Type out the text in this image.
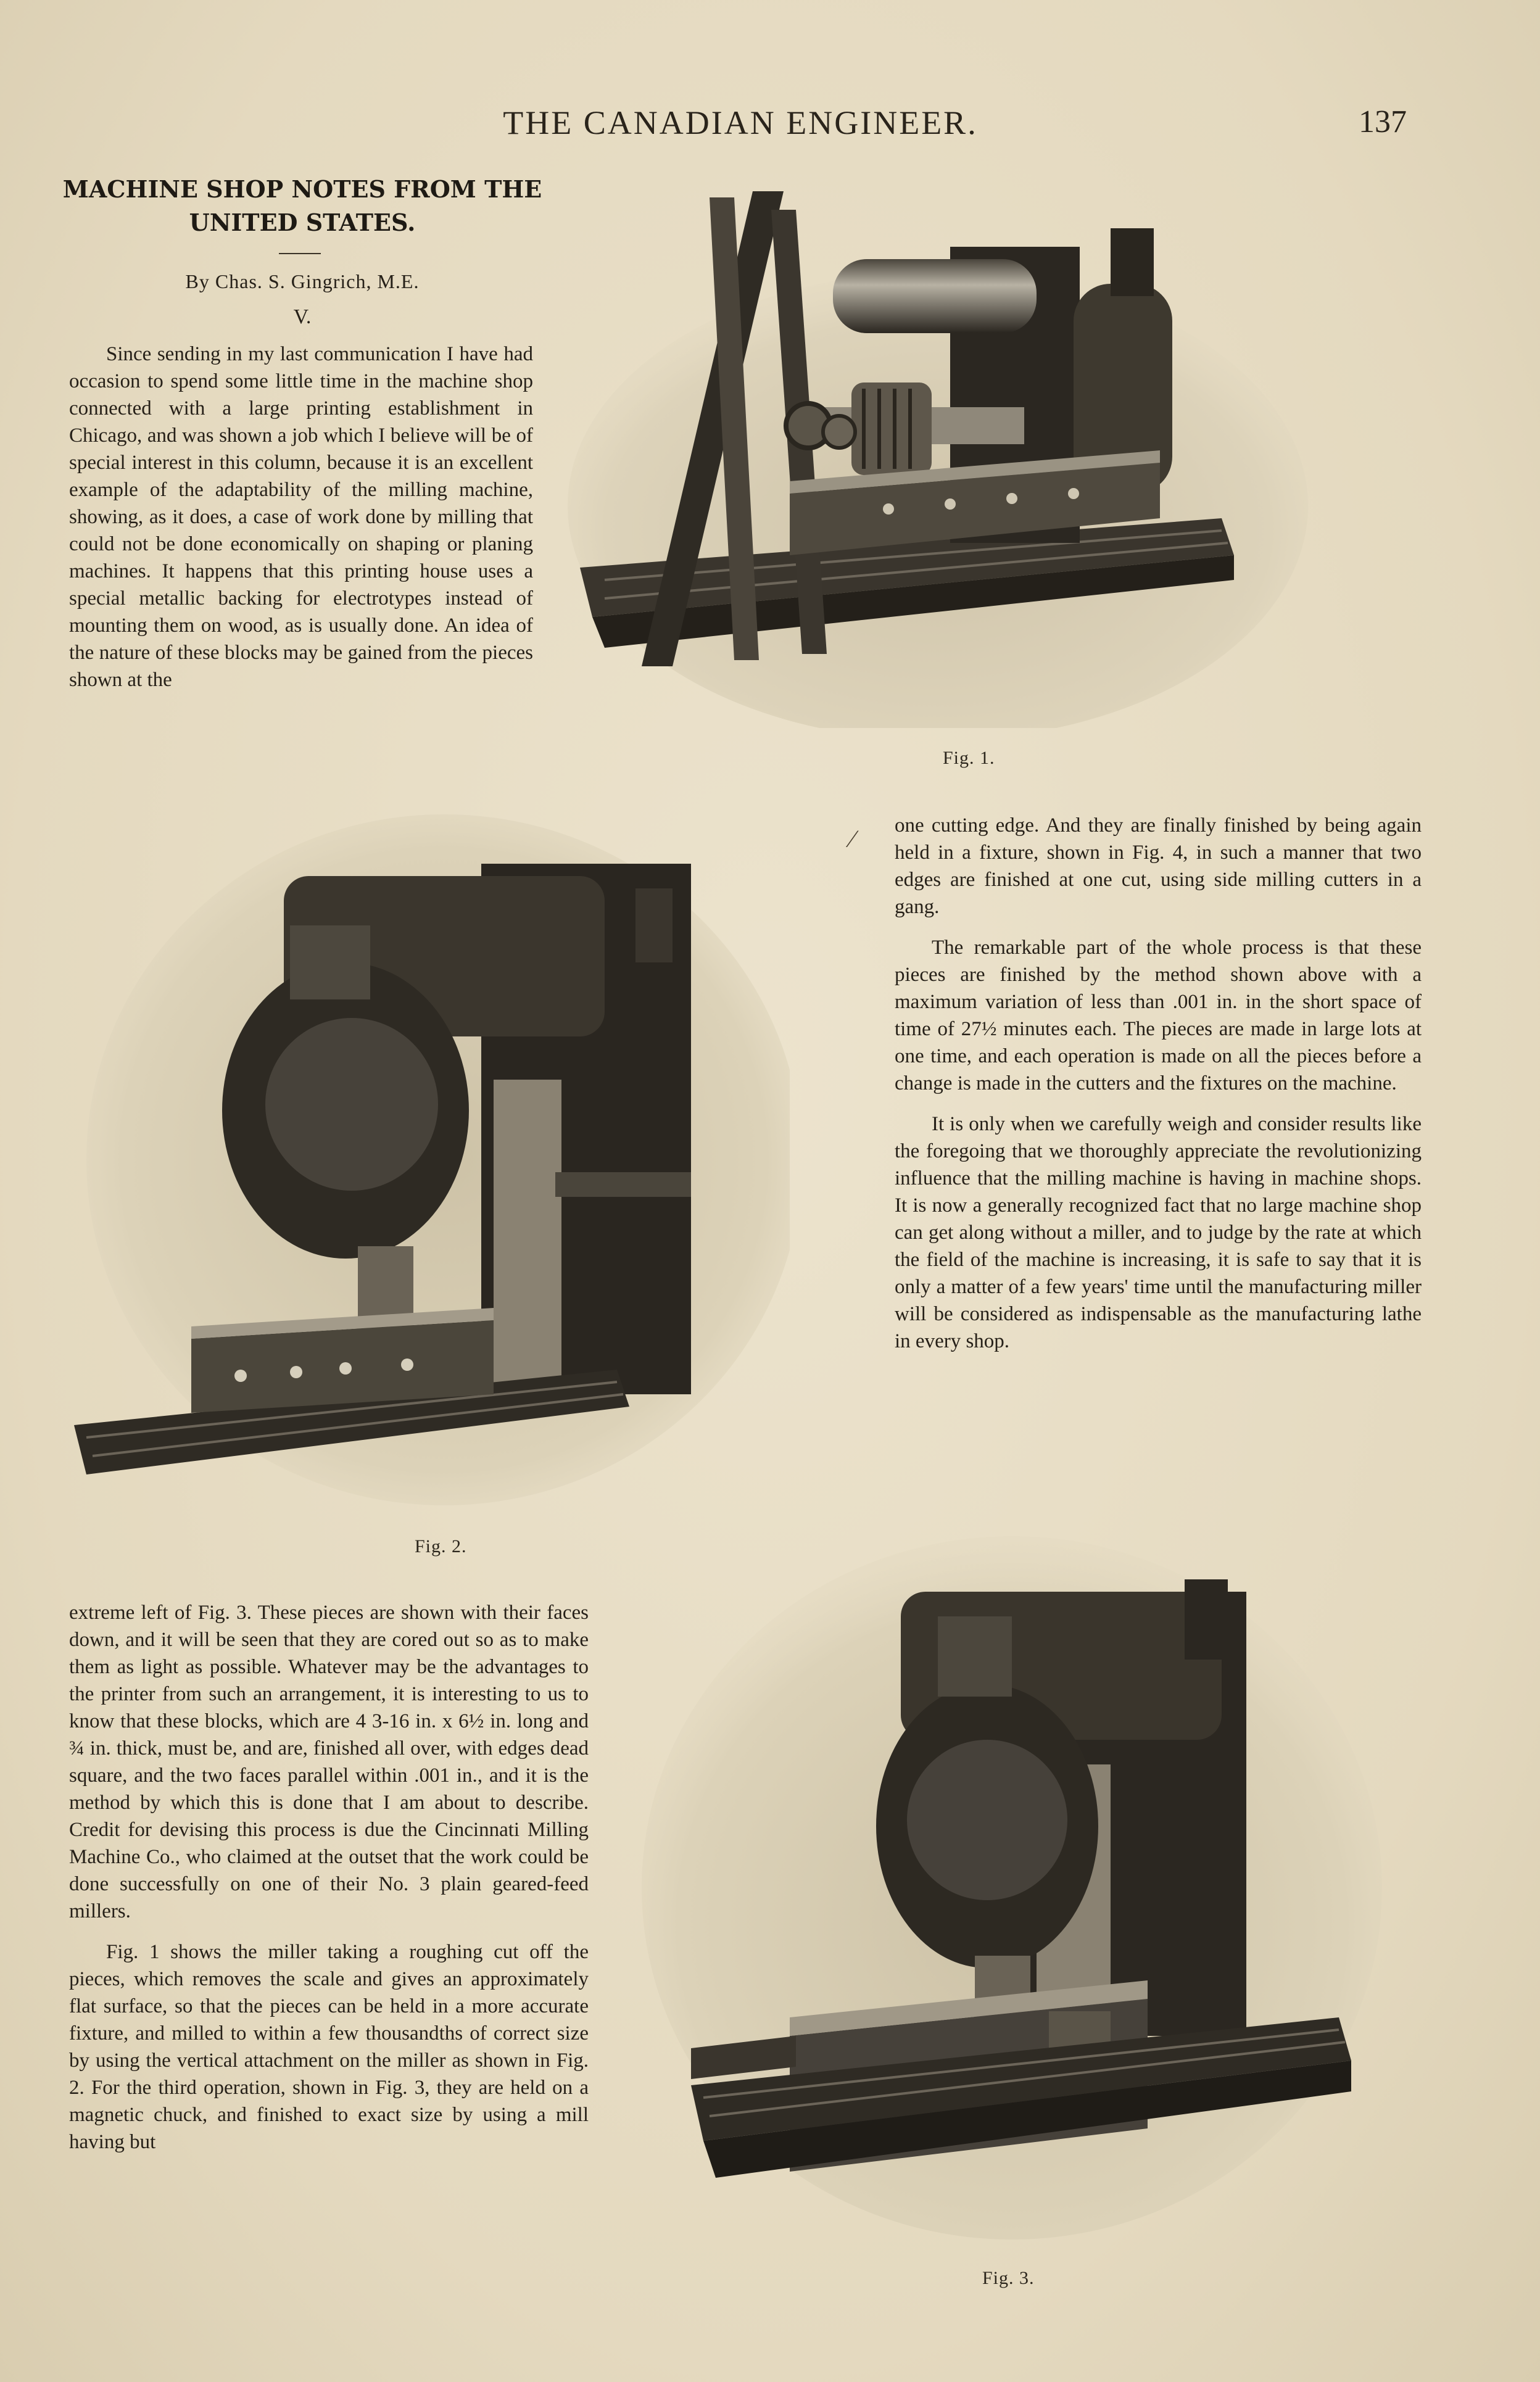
THE CANADIAN ENGINEER.	137
MACHINE SHOP NOTES FROM THE
UNITED STATES.
By Chas. S. Gingrich, M.E.
V.

Since sending in my last communication I have had occasion to spend some little time in the machine shop connected with a large printing establishment in Chicago, and was shown a job which I believe will be of special interest in this column, because it is an excellent example of the adaptability of the milling machine, showing, as it does, a case of work done by milling that could not be done economically on shaping or planing machines. It happens that this printing house uses a special metallic backing for electrotypes instead of mounting them on wood, as is usually done. An idea of the nature of these blocks may be gained from the pieces shown at the

Fig. 1.
Fig. 2.
⁄ one cutting edge. And they are finally finished by being again held in a fixture, shown in Fig. 4, in such a manner that two edges are finished at one cut, using side milling cutters in a gang.

The remarkable part of the whole process is that these pieces are finished by the method shown above with a maximum variation of less than .001 in. in the short space of time of 27½ minutes each. The pieces are made in large lots at one time, and each operation is made on all the pieces before a change is made in the cutters and the fixtures on the machine.

It is only when we carefully weigh and consider results like the foregoing that we thoroughly appreciate the revolutionizing influence that the milling machine is having in machine shops. It is now a generally recognized fact that no large machine shop can get along without a miller, and to judge by the rate at which the field of the machine is increasing, it is safe to say that it is only a matter of a few years' time until the manufacturing miller will be considered as indispensable as the manufacturing lathe in every shop.

extreme left of Fig. 3. These pieces are shown with their faces down, and it will be seen that they are cored out so as to make them as light as possible. Whatever may be the advantages to the printer from such an arrangement, it is interesting to us to know that these blocks, which are 4 3-16 in. x 6½ in. long and ¾ in. thick, must be, and are, finished all over, with edges dead square, and the two faces parallel within .001 in., and it is the method by which this is done that I am about to describe. Credit for devising this process is due the Cincinnati Milling Machine Co., who claimed at the outset that the work could be done successfully on one of their No. 3 plain geared-feed millers.

Fig. 1 shows the miller taking a roughing cut off the pieces, which removes the scale and gives an approximately flat surface, so that the pieces can be held in a more accurate fixture, and milled to within a few thousandths of correct size by using the vertical attachment on the miller as shown in Fig. 2. For the third operation, shown in Fig. 3, they are held on a magnetic chuck, and finished to exact size by using a mill having but

Fig. 3.
